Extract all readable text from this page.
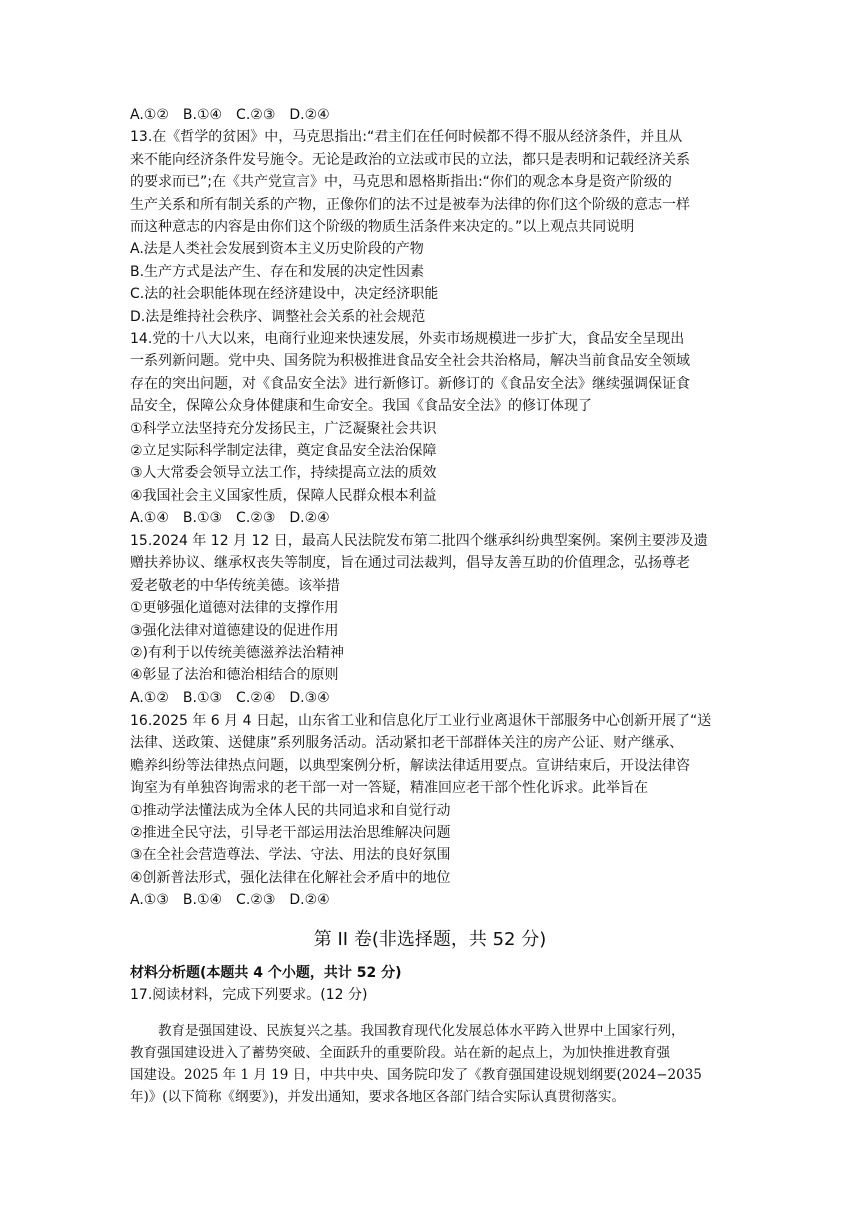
A.①② B.①④ C.②③ D.②④
13.在《哲学的贫困》中，马克思指出:“君主们在任何时候都不得不服从经济条件，并且从
来不能向经济条件发号施令。无论是政治的立法或市民的立法，都只是表明和记载经济关系
的要求而已”;在《共产党宣言》中，马克思和恩格斯指出:“你们的观念本身是资产阶级的
生产关系和所有制关系的产物，正像你们的法不过是被奉为法律的你们这个阶级的意志一样
而这种意志的内容是由你们这个阶级的物质生活条件来决定的。”以上观点共同说明
A.法是人类社会发展到资本主义历史阶段的产物
B.生产方式是法产生、存在和发展的决定性因素
C.法的社会职能体现在经济建设中，决定经济职能
D.法是维持社会秩序、调整社会关系的社会规范
14.党的十八大以来，电商行业迎来快速发展，外卖市场规模进一步扩大，食品安全呈现出
一系列新问题。党中央、国务院为积极推进食品安全社会共治格局，解决当前食品安全领域
存在的突出问题，对《食品安全法》进行新修订。新修订的《食品安全法》继续强调保证食
品安全，保障公众身体健康和生命安全。我国《食品安全法》的修订体现了
①科学立法坚持充分发扬民主，广泛凝聚社会共识
②立足实际科学制定法律，奠定食品安全法治保障
③人大常委会领导立法工作，持续提高立法的质效
④我国社会主义国家性质，保障人民群众根本利益
A.①④ B.①③ C.②③ D.②④
15.2024 年 12 月 12 日，最高人民法院发布第二批四个继承纠纷典型案例。案例主要涉及遗
赠扶养协议、继承权丧失等制度，旨在通过司法裁判，倡导友善互助的价值理念，弘扬尊老
爱老敬老的中华传统美德。该举措
①更够强化道德对法律的支撑作用
③强化法律对道德建设的促进作用
②)有利于以传统美德滋养法治精神
④彰显了法治和德治相结合的原则
A.①② B.①③ C.②④ D.③④
16.2025 年 6 月 4 日起，山东省工业和信息化厅工业行业离退休干部服务中心创新开展了“送
法律、送政策、送健康”系列服务活动。活动紧扣老干部群体关注的房产公证、财产继承、
赡养纠纷等法律热点问题，以典型案例分析，解读法律适用要点。宣讲结束后，开设法律咨
询室为有单独咨询需求的老干部一对一答疑，精准回应老干部个性化诉求。此举旨在
①推动学法懂法成为全体人民的共同追求和自觉行动
②推进全民守法，引导老干部运用法治思维解决问题
③在全社会营造尊法、学法、守法、用法的良好氛围
④创新普法形式，强化法律在化解社会矛盾中的地位
A.①③ B.①④ C.②③ D.②④
第 II 卷(非选择题，共 52 分)
材料分析题(本题共 4 个小题，共计 52 分)
17.阅读材料，完成下列要求。(12 分)
教育是强国建设、民族复兴之基。我国教育现代化发展总体水平跨入世界中上国家行列，
教育强国建设进入了蓄势突破、全面跃升的重要阶段。站在新的起点上，为加快推进教育强
国建设。2025 年 1 月 19 日，中共中央、国务院印发了《教育强国建设规划纲要(2024−2035
年)》(以下简称《纲要》)，并发出通知，要求各地区各部门结合实际认真贯彻落实。
